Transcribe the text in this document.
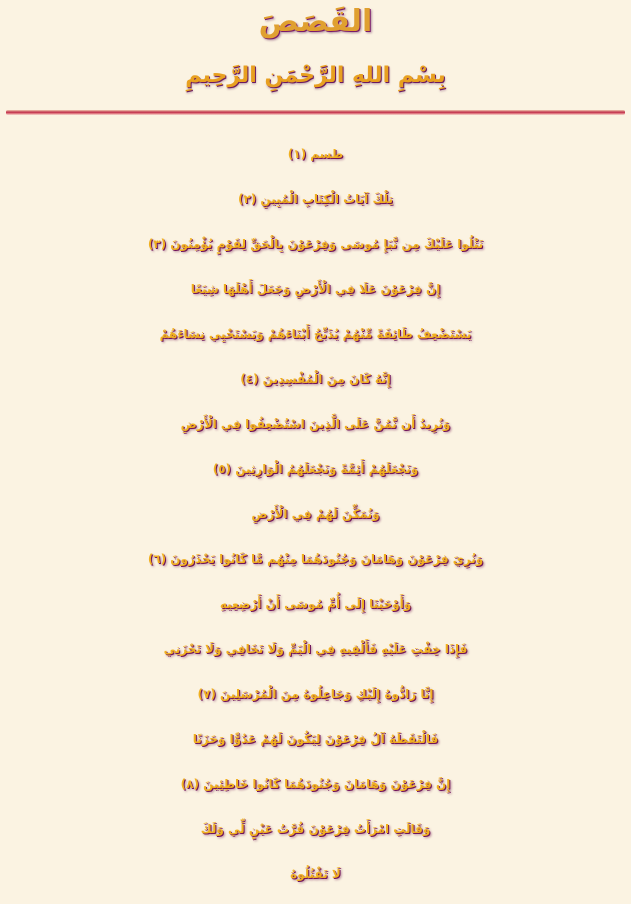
القَصَصَ
بِسْمِ اللهِ الرَّحْمَنِ الرَّحِيمِ
طسم (١)
تِلْكَ آيَاتُ الْكِتَابِ الْمُبِينِ (٢)
نَتْلُوا عَلَيْكَ مِن نَّبَإِ مُوسَى وَفِرْعَوْنَ بِالْحَقِّ لِقَوْمٍ يُؤْمِنُونَ (٣)
إِنَّ فِرْعَوْنَ عَلَا فِي الْأَرْضِ وَجَعَلَ أَهْلَهَا شِيَعًا
يَسْتَضْعِفُ طَائِفَةً مِّنْهُمْ يُذَبِّحُ أَبْنَاءَهُمْ وَيَسْتَحْيِي نِسَاءَهُمْ
إِنَّهُ كَانَ مِنَ الْمُفْسِدِينَ (٤)
وَنُرِيدُ أَن نَّمُنَّ عَلَى الَّذِينَ اسْتُضْعِفُوا فِي الْأَرْضِ
وَنَجْعَلَهُمْ أَئِمَّةً وَنَجْعَلَهُمُ الْوَارِثِينَ (٥)
وَنُمَكِّنَ لَهُمْ فِي الْأَرْضِ
وَنُرِيَ فِرْعَوْنَ وَهَامَانَ وَجُنُودَهُمَا مِنْهُم مَّا كَانُوا يَحْذَرُونَ (٦)
وَأَوْحَيْنَا إِلَى أُمِّ مُوسَى أَنْ أَرْضِعِيهِ
فَإِذَا خِفْتِ عَلَيْهِ فَأَلْقِيهِ فِي الْيَمِّ وَلَا تَخَافِي وَلَا تَحْزَنِي
إِنَّا رَادُّوهُ إِلَيْكِ وَجَاعِلُوهُ مِنَ الْمُرْسَلِينَ (٧)
فَالْتَقَطَهُ آلُ فِرْعَوْنَ لِيَكُونَ لَهُمْ عَدُوًّا وَحَزَنًا
إِنَّ فِرْعَوْنَ وَهَامَانَ وَجُنُودَهُمَا كَانُوا خَاطِئِينَ (٨)
وَقَالَتِ امْرَأَتُ فِرْعَوْنَ قُرَّتُ عَيْنٍ لِّي وَلَكَ
لَا تَقْتُلُوهُ
